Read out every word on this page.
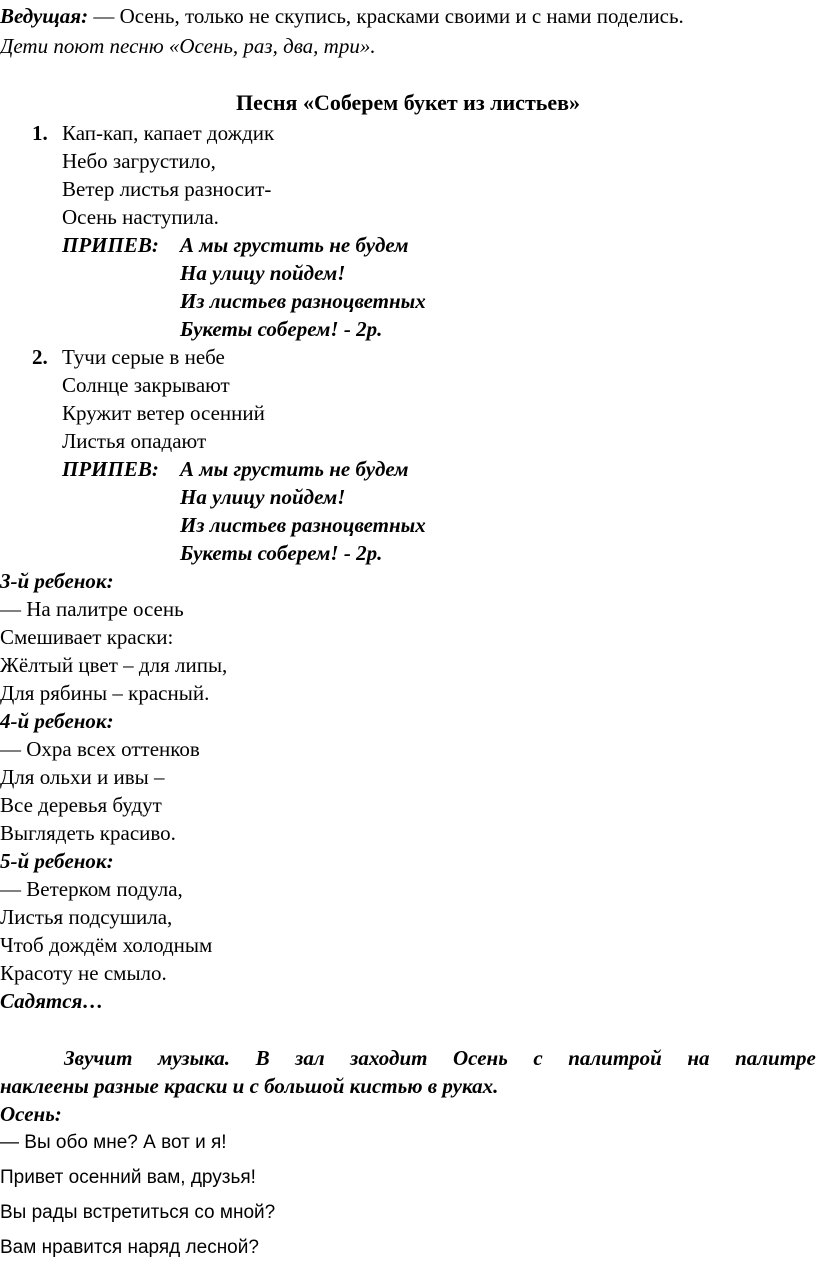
Ведущая: — Осень, только не скупись, красками своими и с нами поделись.
Дети поют песню «Осень, раз, два, три».
Песня «Соберем букет из листьев»
1. Кап-кап, капает дождик
Небо загрустило,
Ветер листья разносит-
Осень наступила.
ПРИПЕВ: А мы грустить не будем
На улицу пойдем!
Из листьев разноцветных
Букеты соберем! - 2р.
2. Тучи серые в небе
Солнце закрывают
Кружит ветер осенний
Листья опадают
ПРИПЕВ: А мы грустить не будем
На улицу пойдем!
Из листьев разноцветных
Букеты соберем! - 2р.
3-й ребенок:
— На палитре осень
Смешивает краски:
Жёлтый цвет – для липы,
Для рябины – красный.
4-й ребенок:
— Охра всех оттенков
Для ольхи и ивы –
Все деревья будут
Выглядеть красиво.
5-й ребенок:
— Ветерком подула,
Листья подсушила,
Чтоб дождём холодным
Красоту не смыло.
Садятся…
Звучит музыка. В зал заходит Осень с палитрой на палитре
наклеены разные краски и с большой кистью в руках.
Осень:
— Вы обо мне? А вот и я!
Привет осенний вам, друзья!
Вы рады встретиться со мной?
Вам нравится наряд лесной?
